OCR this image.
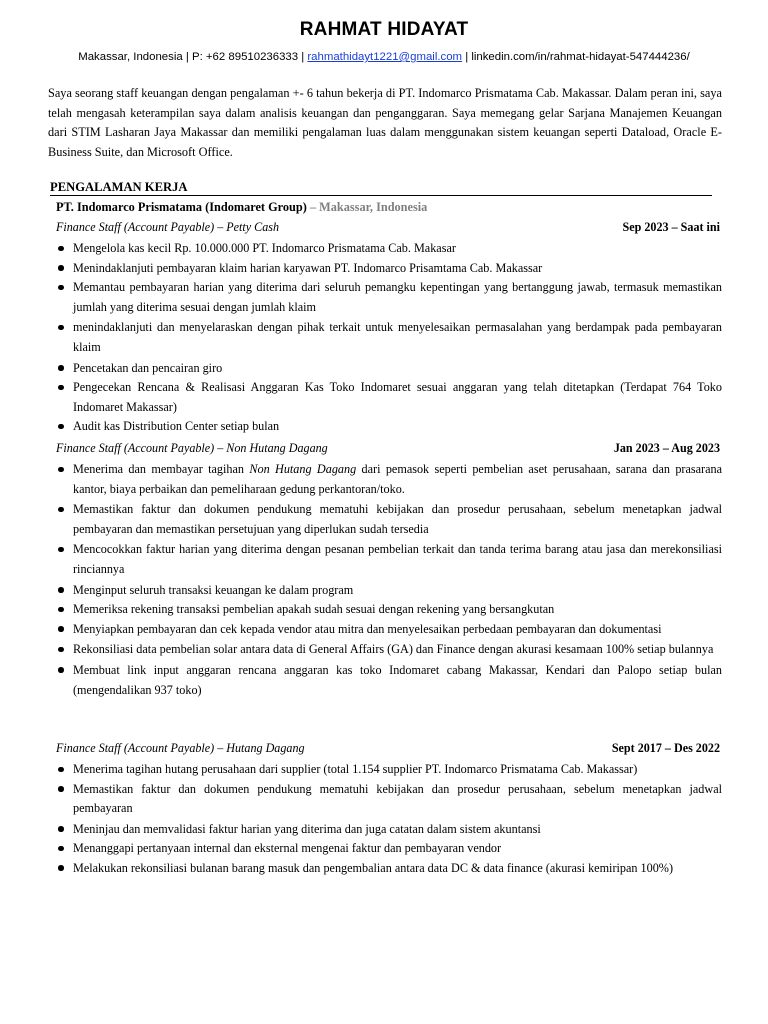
RAHMAT HIDAYAT
Makassar, Indonesia | P: +62 89510236333 | rahmathidayt1221@gmail.com | linkedin.com/in/rahmat-hidayat-547444236/
Saya seorang staff keuangan dengan pengalaman +- 6 tahun bekerja di PT. Indomarco Prismatama Cab. Makassar. Dalam peran ini, saya telah mengasah keterampilan saya dalam analisis keuangan dan penganggaran. Saya memegang gelar Sarjana Manajemen Keuangan dari STIM Lasharan Jaya Makassar dan memiliki pengalaman luas dalam menggunakan sistem keuangan seperti Dataload, Oracle E-Business Suite, dan Microsoft Office.
PENGALAMAN KERJA
PT. Indomarco Prismatama (Indomaret Group) – Makassar, Indonesia
Finance Staff (Account Payable) – Petty Cash	Sep 2023 – Saat ini
Mengelola kas kecil Rp. 10.000.000 PT. Indomarco Prismatama Cab. Makasar
Menindaklanjuti pembayaran klaim harian karyawan PT. Indomarco Prisamtama Cab. Makassar
Memantau pembayaran harian yang diterima dari seluruh pemangku kepentingan yang bertanggung jawab, termasuk memastikan jumlah yang diterima sesuai dengan jumlah klaim
menindaklanjuti dan menyelaraskan dengan pihak terkait untuk menyelesaikan permasalahan yang berdampak pada pembayaran klaim
Pencetakan dan pencairan giro
Pengecekan Rencana & Realisasi Anggaran Kas Toko Indomaret sesuai anggaran yang telah ditetapkan (Terdapat 764 Toko Indomaret Makassar)
Audit kas Distribution Center setiap bulan
Finance Staff (Account Payable) – Non Hutang Dagang	Jan 2023 – Aug 2023
Menerima dan membayar tagihan Non Hutang Dagang dari pemasok seperti pembelian aset perusahaan, sarana dan prasarana kantor, biaya perbaikan dan pemeliharaan gedung perkantoran/toko.
Memastikan faktur dan dokumen pendukung mematuhi kebijakan dan prosedur perusahaan, sebelum menetapkan jadwal pembayaran dan memastikan persetujuan yang diperlukan sudah tersedia
Mencocokkan faktur harian yang diterima dengan pesanan pembelian terkait dan tanda terima barang atau jasa dan merekonsiliasi rinciannya
Menginput seluruh transaksi keuangan ke dalam program
Memeriksa rekening transaksi pembelian apakah sudah sesuai dengan rekening yang bersangkutan
Menyiapkan pembayaran dan cek kepada vendor atau mitra dan menyelesaikan perbedaan pembayaran dan dokumentasi
Rekonsiliasi data pembelian solar antara data di General Affairs (GA) dan Finance dengan akurasi kesamaan 100% setiap bulannya
Membuat link input anggaran rencana anggaran kas toko Indomaret cabang Makassar, Kendari dan Palopo setiap bulan (mengendalikan 937 toko)
Finance Staff (Account Payable) – Hutang Dagang	Sept 2017 – Des 2022
Menerima tagihan hutang perusahaan dari supplier (total 1.154 supplier PT. Indomarco Prismatama Cab. Makassar)
Memastikan faktur dan dokumen pendukung mematuhi kebijakan dan prosedur perusahaan, sebelum menetapkan jadwal pembayaran
Meninjau dan memvalidasi faktur harian yang diterima dan juga catatan dalam sistem akuntansi
Menanggapi pertanyaan internal dan eksternal mengenai faktur dan pembayaran vendor
Melakukan rekonsiliasi bulanan barang masuk dan pengembalian antara data DC & data finance (akurasi kemiripan 100%)
